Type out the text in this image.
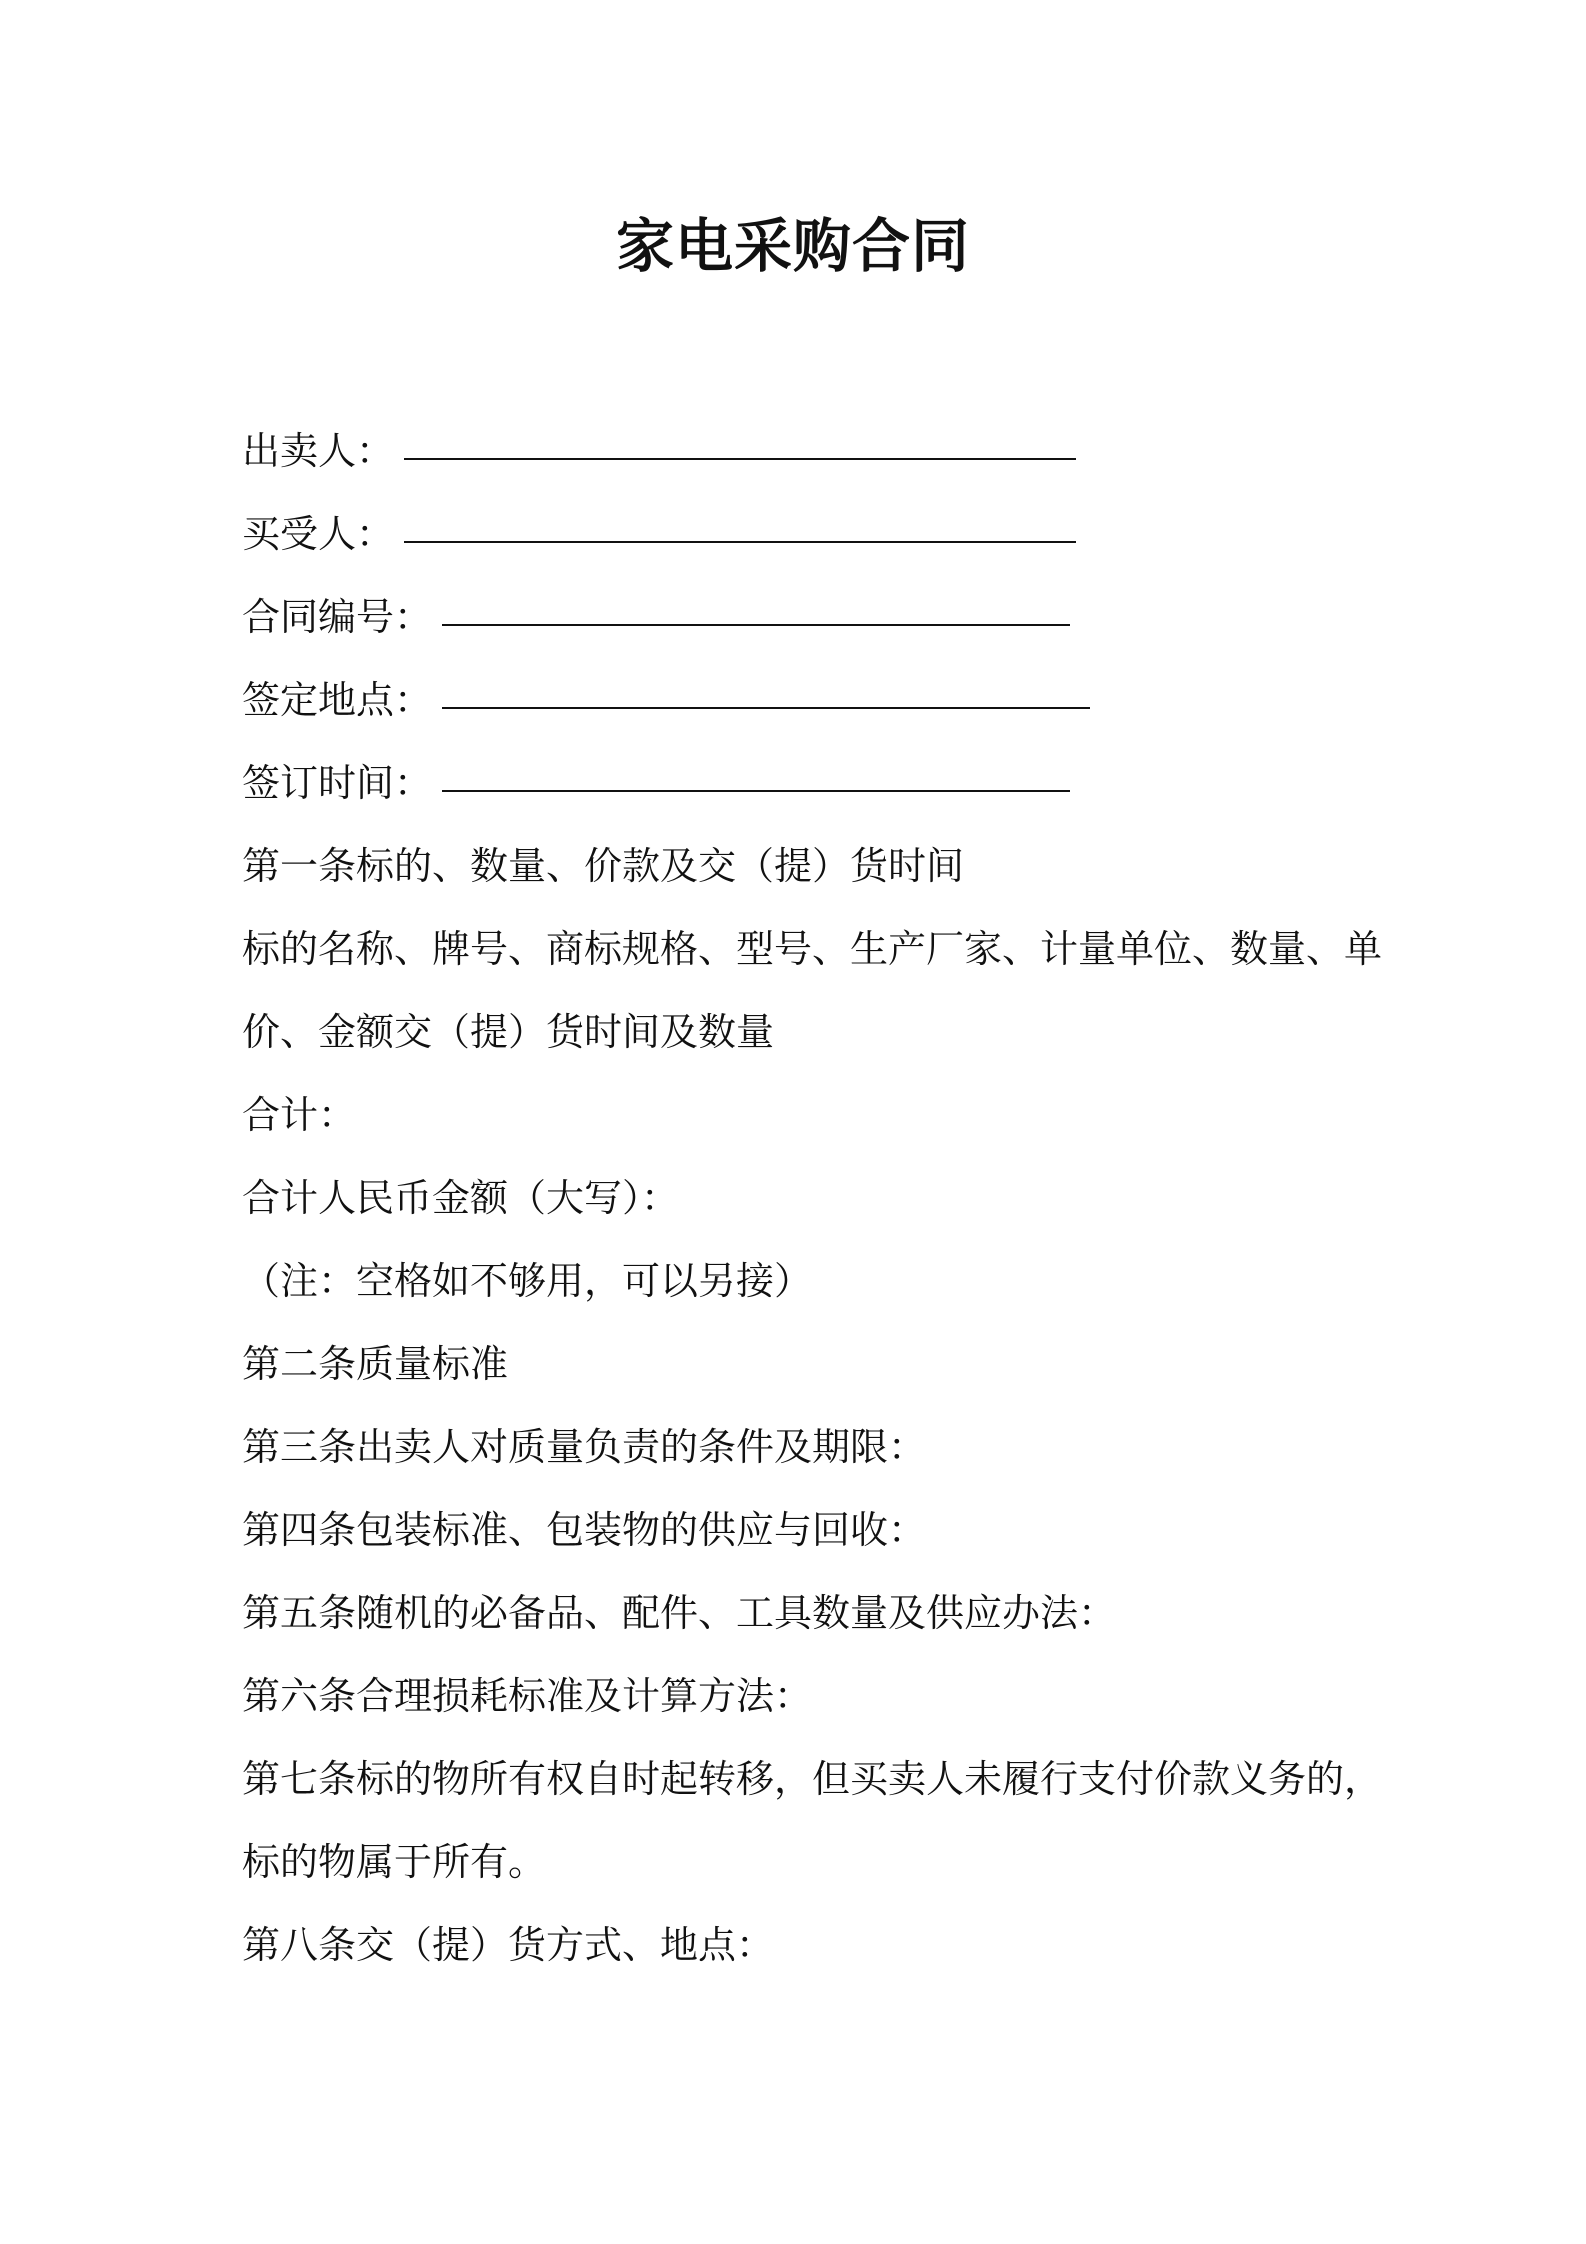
家电采购合同
出卖人：
买受人：
合同编号：
签定地点：
签订时间：
第一条标的、数量、价款及交（提）货时间
标的名称、牌号、商标规格、型号、生产厂家、计量单位、数量、单
价、金额交（提）货时间及数量
合计：
合计人民币金额（大写）：
（注：空格如不够用，可以另接）
第二条质量标准
第三条出卖人对质量负责的条件及期限：
第四条包装标准、包装物的供应与回收：
第五条随机的必备品、配件、工具数量及供应办法：
第六条合理损耗标准及计算方法：
第七条标的物所有权自时起转移，但买卖人未履行支付价款义务的，
标的物属于所有。
第八条交（提）货方式、地点：
